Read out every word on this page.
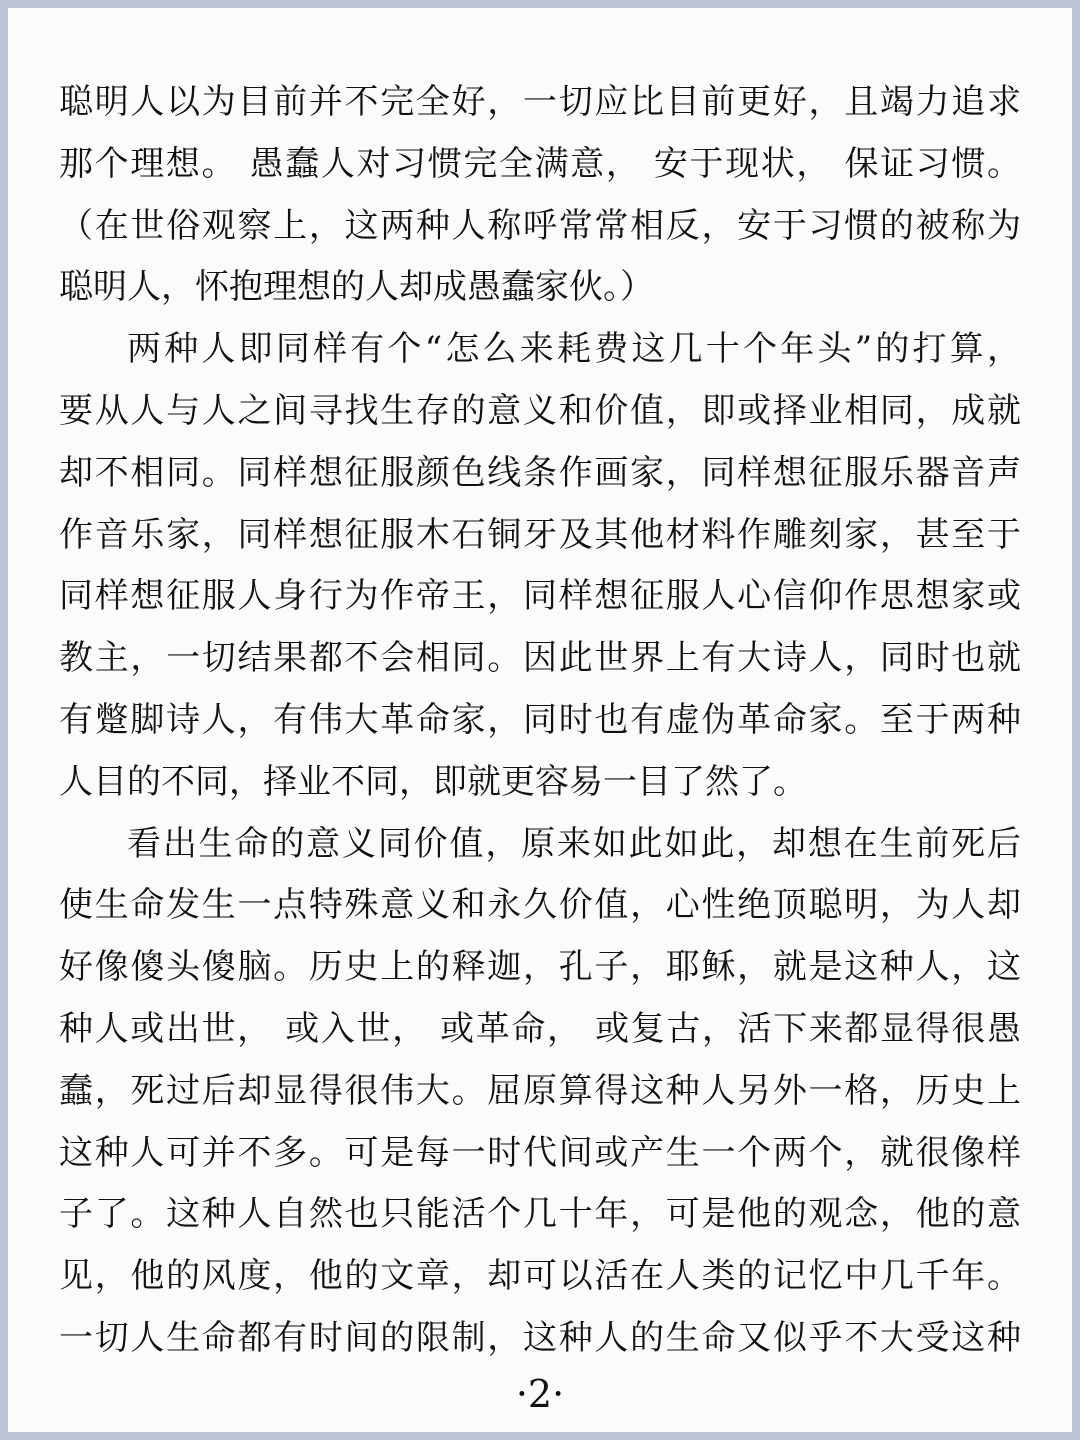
聪明人以为目前并不完全好，一切应比目前更好，且竭力追求
那个理想。 愚蠢人对习惯完全满意， 安于现状， 保证习惯。
（在世俗观察上，这两种人称呼常常相反，安于习惯的被称为
聪明人，怀抱理想的人却成愚蠢家伙。）
两种人即同样有个“怎么来耗费这几十个年头”的打算，
要从人与人之间寻找生存的意义和价值，即或择业相同，成就
却不相同。同样想征服颜色线条作画家，同样想征服乐器音声
作音乐家，同样想征服木石铜牙及其他材料作雕刻家，甚至于
同样想征服人身行为作帝王，同样想征服人心信仰作思想家或
教主，一切结果都不会相同。因此世界上有大诗人，同时也就
有蹩脚诗人，有伟大革命家，同时也有虚伪革命家。至于两种
人目的不同，择业不同，即就更容易一目了然了。
看出生命的意义同价值，原来如此如此，却想在生前死后
使生命发生一点特殊意义和永久价值，心性绝顶聪明，为人却
好像傻头傻脑。历史上的释迦，孔子，耶稣，就是这种人，这
种人或出世， 或入世， 或革命， 或复古，活下来都显得很愚
蠢，死过后却显得很伟大。屈原算得这种人另外一格，历史上
这种人可并不多。可是每一时代间或产生一个两个，就很像样
子了。这种人自然也只能活个几十年，可是他的观念，他的意
见，他的风度，他的文章，却可以活在人类的记忆中几千年。
一切人生命都有时间的限制，这种人的生命又似乎不大受这种
·2·
